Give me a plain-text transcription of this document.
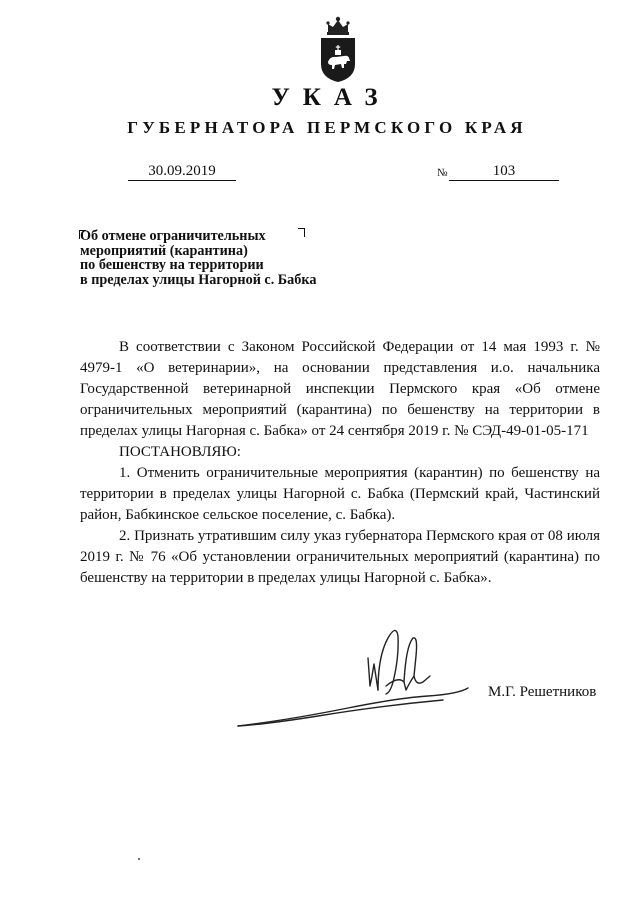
УКАЗ
ГУБЕРНАТОРА ПЕРМСКОГО КРАЯ
30.09.2019	№	103
Об отмене ограничительных
мероприятий (карантина)
по бешенству на территории
в пределах улицы Нагорной с. Бабка

В соответствии с Законом Российской Федерации от 14 мая 1993 г. № 4979-1 «О ветеринарии», на основании представления и.о. начальника Государственной ветеринарной инспекции Пермского края «Об отмене ограничительных мероприятий (карантина) по бешенству на территории в пределах улицы Нагорная с. Бабка» от 24 сентября 2019 г. № СЭД-49-01-05-171

ПОСТАНОВЛЯЮ:

1. Отменить ограничительные мероприятия (карантин) по бешенству на территории в пределах улицы Нагорной с. Бабка (Пермский край, Частинский район, Бабкинское сельское поселение, с. Бабка).

2. Признать утратившим силу указ губернатора Пермского края от 08 июля 2019 г. № 76 «Об установлении ограничительных мероприятий (карантина) по бешенству на территории в пределах улицы Нагорной с. Бабка».

М.Г. Решетников
